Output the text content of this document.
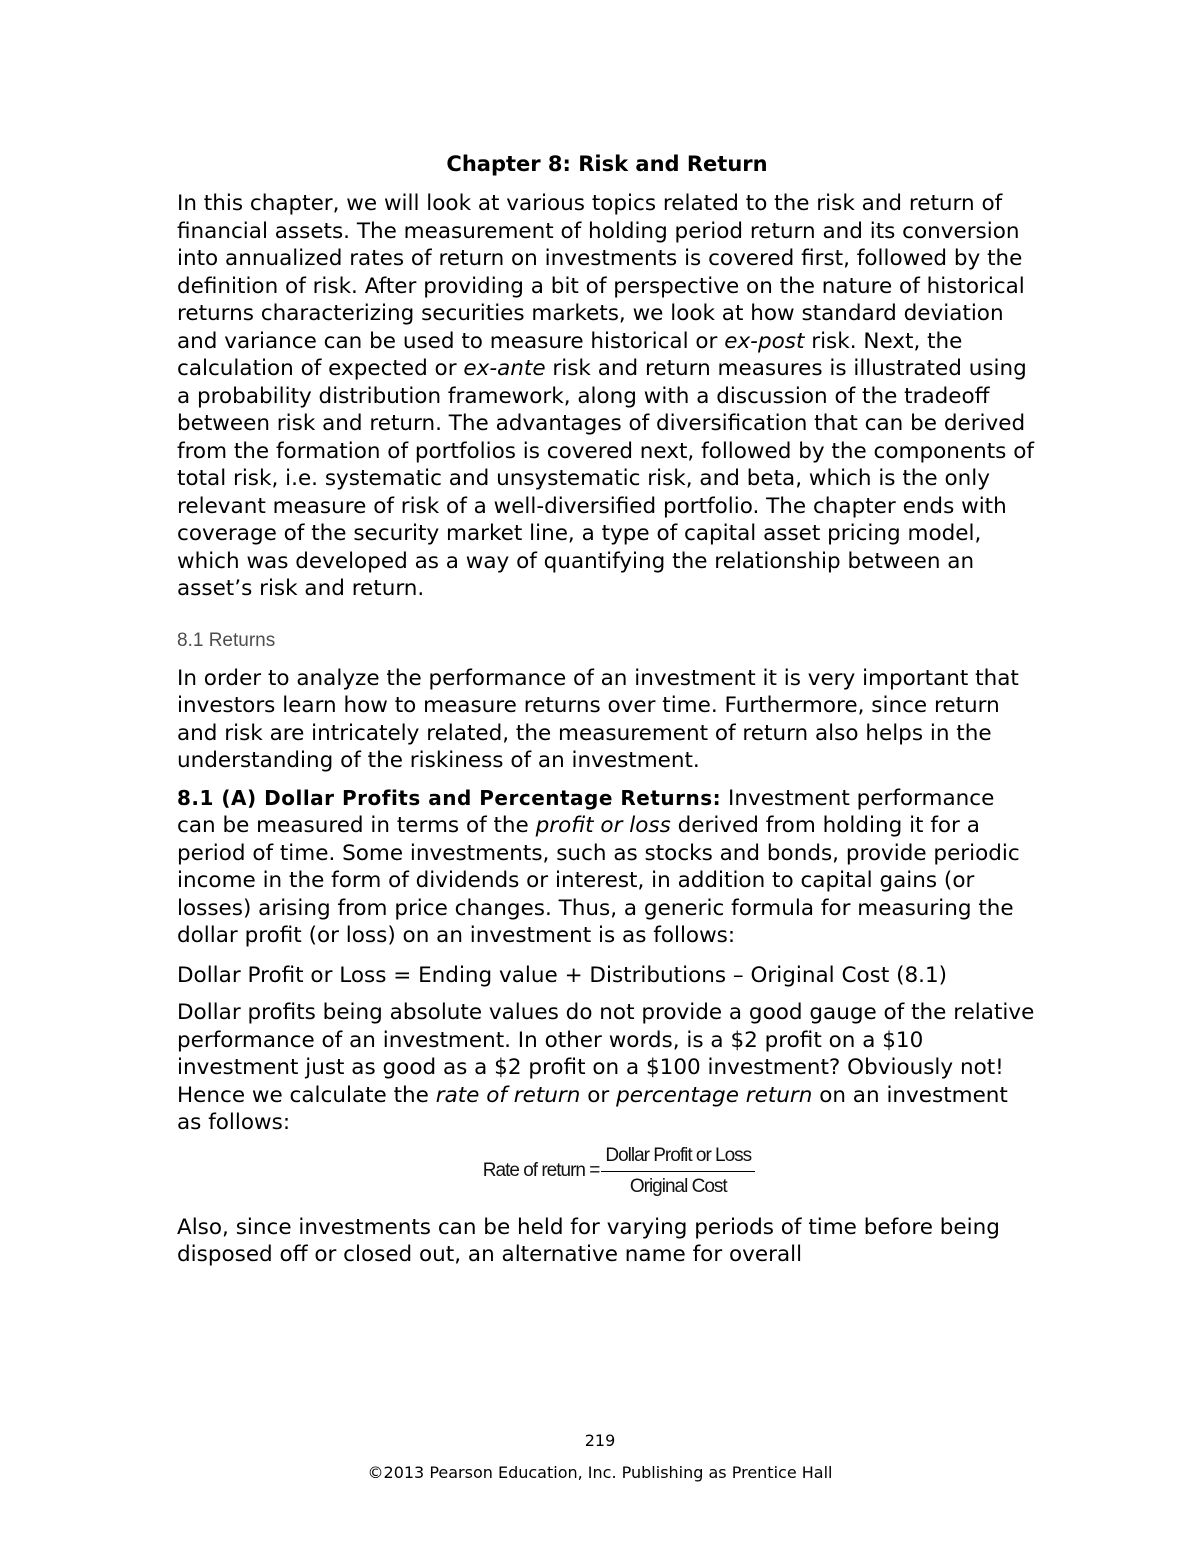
Chapter 8: Risk and Return

In this chapter, we will look at various topics related to the risk and return of financial assets. The measurement of holding period return and its conversion into annualized rates of return on investments is covered first, followed by the definition of risk. After providing a bit of perspective on the nature of historical returns characterizing securities markets, we look at how standard deviation and variance can be used to measure historical or ex-post risk. Next, the calculation of expected or ex-ante risk and return measures is illustrated using a probability distribution framework, along with a discussion of the tradeoff between risk and return. The advantages of diversification that can be derived from the formation of portfolios is covered next, followed by the components of total risk, i.e. systematic and unsystematic risk, and beta, which is the only relevant measure of risk of a well-diversified portfolio. The chapter ends with coverage of the security market line, a type of capital asset pricing model, which was developed as a way of quantifying the relationship between an asset’s risk and return.

8.1 Returns

In order to analyze the performance of an investment it is very important that investors learn how to measure returns over time. Furthermore, since return and risk are intricately related, the measurement of return also helps in the understanding of the riskiness of an investment.

8.1 (A) Dollar Profits and Percentage Returns: Investment performance can be measured in terms of the profit or loss derived from holding it for a period of time. Some investments, such as stocks and bonds, provide periodic income in the form of dividends or interest, in addition to capital gains (or losses) arising from price changes. Thus, a generic formula for measuring the dollar profit (or loss) on an investment is as follows:

Dollar Profit or Loss = Ending value + Distributions – Original Cost (8.1)

Dollar profits being absolute values do not provide a good gauge of the relative performance of an investment. In other words, is a $2 profit on a $10 investment just as good as a $2 profit on a $100 investment? Obviously not! Hence we calculate the rate of return or percentage return on an investment as follows:

Rate of return = $\frac{\text{Dollar Profit or Loss}}{\text{Original Cost}}$

Also, since investments can be held for varying periods of time before being disposed off or closed out, an alternative name for overall

219
©2013 Pearson Education, Inc. Publishing as Prentice Hall
